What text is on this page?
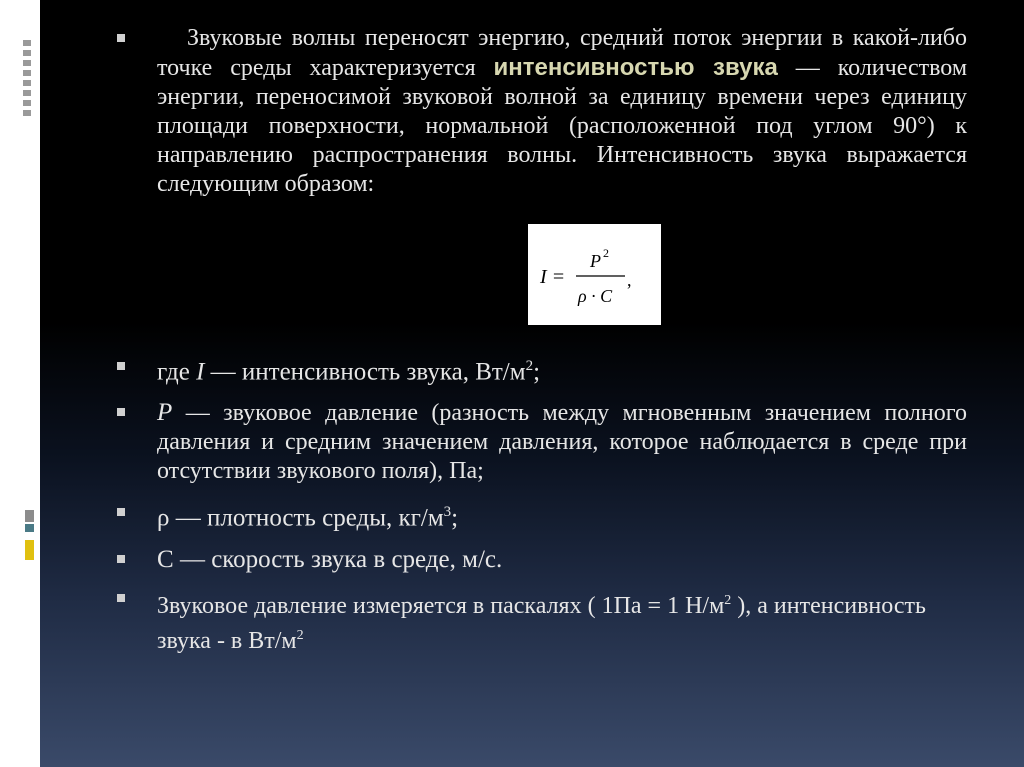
Звуковые волны переносят энергию, средний поток энергии в какой-либо точке среды характеризуется интенсивностью звука — количеством энергии, переносимой звуковой волной за единицу времени через единицу площади поверхности, нормальной (расположенной под углом 90°) к направлению распространения волны. Интенсивность звука выражается следующим образом:
I =
P 2
ρ · C
,
где I — интенсивность звука, $Вт/м^2$;
P — звуковое давление (разность между мгновенным значением полного давления и средним значением давления, которое наблюдается в среде при отсутствии звукового поля), Па;
ρ — плотность среды, $кг/м^3$;
C — скорость звука в среде, м/с.
Звуковое давление измеряется в паскалях ( 1Па = 1 $Н/м^2$ ), а интенсивность звука - в $Вт/м^2$
